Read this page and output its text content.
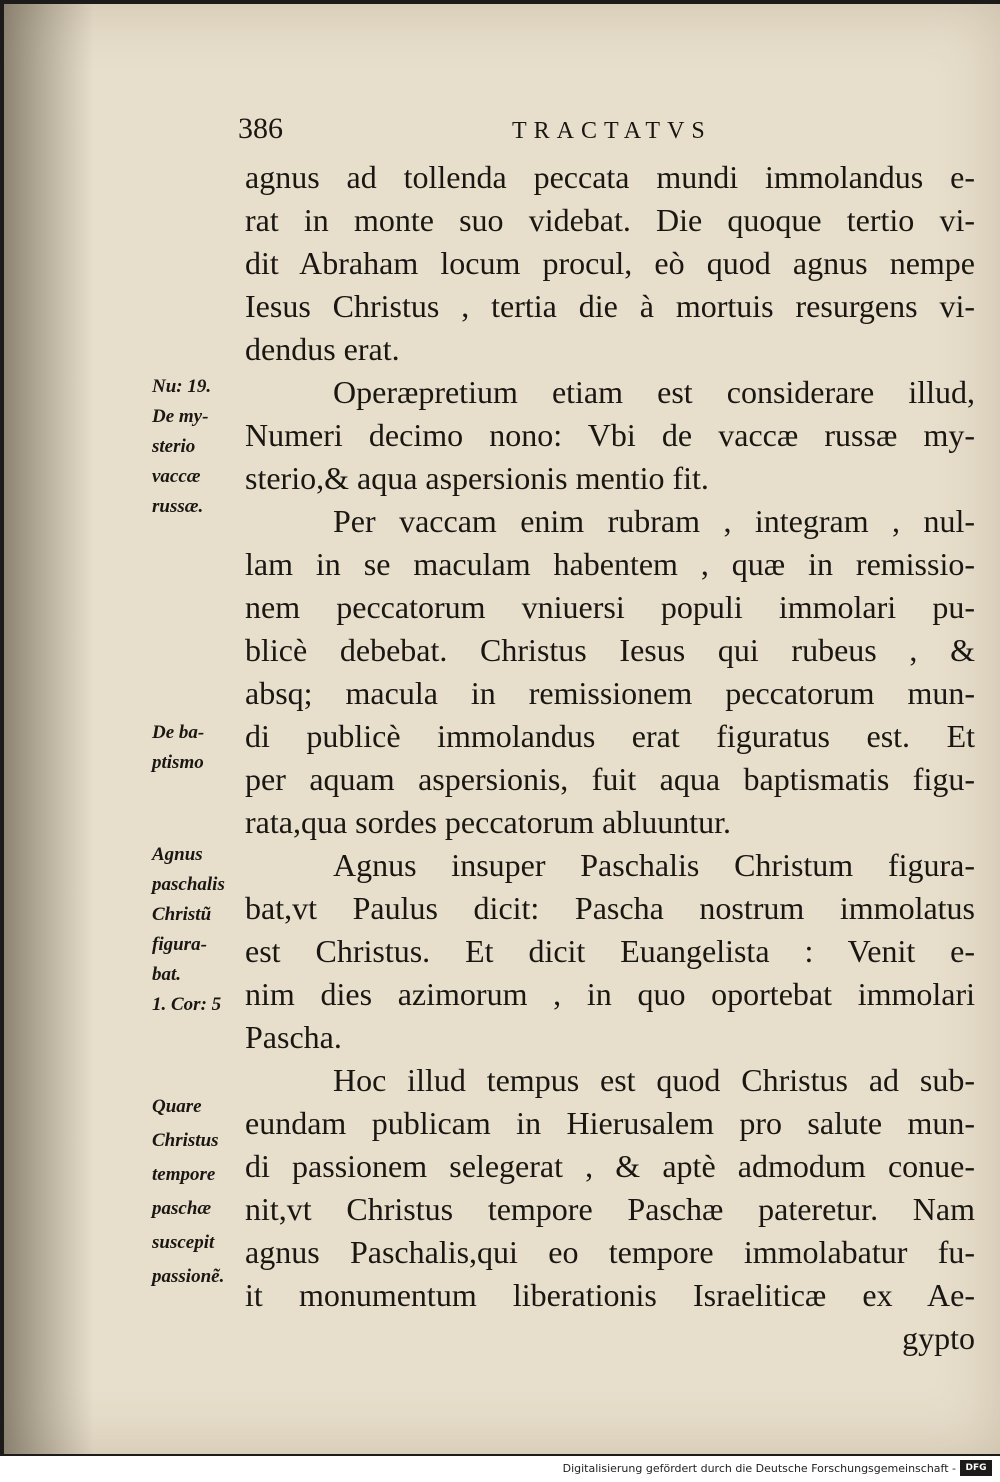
386	TRACTATVS
agnus ad tollenda peccata mundi immolandus e-
rat in monte suo videbat. Die quoque tertio vi-
dit Abraham locum procul, eò quod agnus nempe
Iesus Christus , tertia die à mortuis resurgens vi-
dendus erat.
Operæpretium etiam est considerare illud,
Numeri decimo nono: Vbi de vaccæ russæ my-
sterio,& aqua aspersionis mentio fit.
Per vaccam enim rubram , integram , nul-
lam in se maculam habentem , quæ in remissio-
nem peccatorum vniuersi populi immolari pu-
blicè debebat. Christus Iesus qui rubeus , &
absq; macula in remissionem peccatorum mun-
di publicè immolandus erat figuratus est. Et
per aquam aspersionis, fuit aqua baptismatis figu-
rata,qua sordes peccatorum abluuntur.
Agnus insuper Paschalis Christum figura-
bat,vt Paulus dicit: Pascha nostrum immolatus
est Christus. Et dicit Euangelista : Venit e-
nim dies azimorum , in quo oportebat immolari
Pascha.
Hoc illud tempus est quod Christus ad sub-
eundam publicam in Hierusalem pro salute mun-
di passionem selegerat , & aptè admodum conue-
nit,vt Christus tempore Paschæ pateretur. Nam
agnus Paschalis,qui eo tempore immolabatur fu-
it monumentum liberationis Israeliticæ ex Ae-
gypto
Nu: 19.
De my-
sterio
vaccæ
russæ.
De ba-
ptismo
Agnus
paschalis
Christũ
figura-
bat.
1. Cor: 5
Quare
Christus
tempore
paschæ
suscepit
passionẽ.
Digitalisierung gefördert durch die Deutsche Forschungsgemeinschaft -	DFG
